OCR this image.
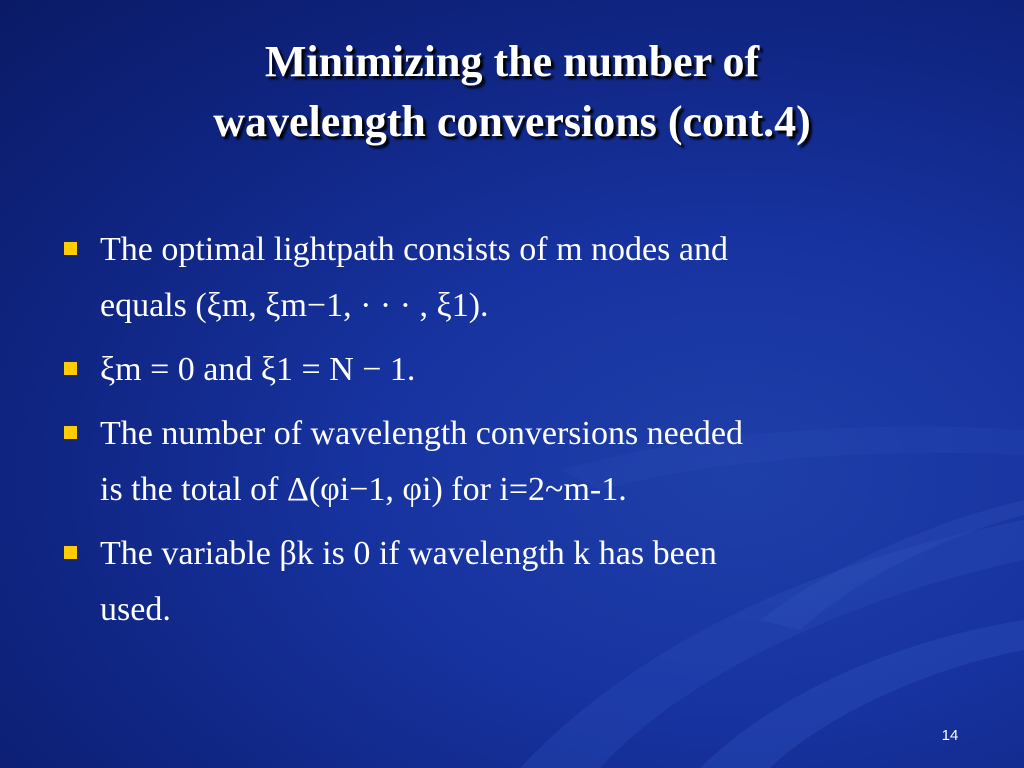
Minimizing the number of
wavelength conversions (cont.4)
The optimal lightpath consists of m nodes and
equals (ξm, ξm−1, · · · , ξ1).
ξm = 0 and ξ1 = N − 1.
The number of wavelength conversions needed
is the total of Δ(φi−1, φi) for i=2~m-1.
The variable βk is 0 if wavelength k has been
used.
14
